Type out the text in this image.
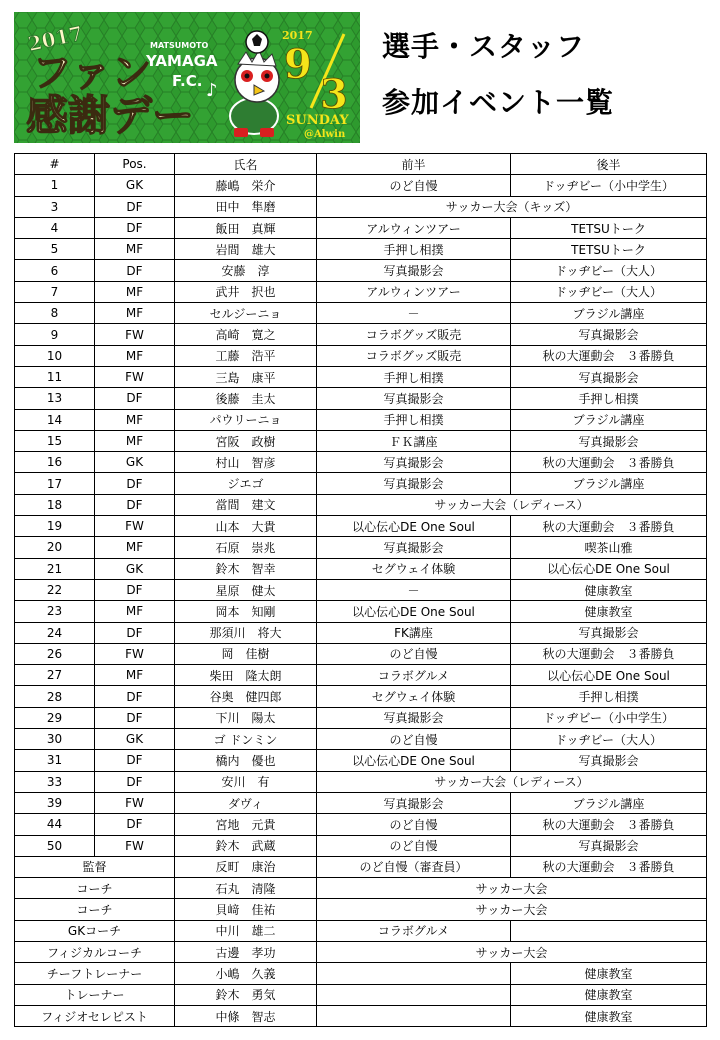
2017
ファン
MATSUMOTO
YAMAGA
F.C. ♪
感謝デー
2017
9
3
SUNDAY
@Alwin
選手・スタッフ
参加イベント一覧
#	Pos.	氏名	前半	後半
1	GK	藤嶋　栄介	のど自慢	ドッヂビー（小中学生）
3	DF	田中　隼磨	サッカー大会（キッズ）	
4	DF	飯田　真輝	アルウィンツアー	TETSUトーク
5	MF	岩間　雄大	手押し相撲	TETSUトーク
6	DF	安藤　淳	写真撮影会	ドッヂビー（大人）
7	MF	武井　択也	アルウィンツアー	ドッヂビー（大人）
8	MF	セルジーニョ	－	ブラジル講座
9	FW	高崎　寛之	コラボグッズ販売	写真撮影会
10	MF	工藤　浩平	コラボグッズ販売	秋の大運動会　３番勝負
11	FW	三島　康平	手押し相撲	写真撮影会
13	DF	後藤　圭太	写真撮影会	手押し相撲
14	MF	パウリーニョ	手押し相撲	ブラジル講座
15	MF	宮阪　政樹	ＦＫ講座	写真撮影会
16	GK	村山　智彦	写真撮影会	秋の大運動会　３番勝負
17	DF	ジエゴ	写真撮影会	ブラジル講座
18	DF	當間　建文	サッカー大会（レディース）	
19	FW	山本　大貴	以心伝心DE One Soul	秋の大運動会　３番勝負
20	MF	石原　崇兆	写真撮影会	喫茶山雅
21	GK	鈴木　智幸	セグウェイ体験	以心伝心DE One Soul
22	DF	星原　健太	－	健康教室
23	MF	岡本　知剛	以心伝心DE One Soul	健康教室
24	DF	那須川　将大	FK講座	写真撮影会
26	FW	岡　佳樹	のど自慢	秋の大運動会　３番勝負
27	MF	柴田　隆太朗	コラボグルメ	以心伝心DE One Soul
28	DF	谷奥　健四郎	セグウェイ体験	手押し相撲
29	DF	下川　陽太	写真撮影会	ドッヂビー（小中学生）
30	GK	ゴ ドンミン	のど自慢	ドッヂビー（大人）
31	DF	橋内　優也	以心伝心DE One Soul	写真撮影会
33	DF	安川　有	サッカー大会（レディース）	
39	FW	ダヴィ	写真撮影会	ブラジル講座
44	DF	宮地　元貴	のど自慢	秋の大運動会　３番勝負
50	FW	鈴木　武蔵	のど自慢	写真撮影会
監督		反町　康治	のど自慢（審査員）	秋の大運動会　３番勝負
コーチ		石丸　清隆	サッカー大会	
コーチ		貝﨑　佳祐	サッカー大会	
GKコーチ		中川　雄二	コラボグルメ	
フィジカルコーチ		古邊　孝功	サッカー大会	
チーフトレーナー		小嶋　久義		健康教室
トレーナー		鈴木　勇気		健康教室
フィジオセレピスト		中條　智志		健康教室
